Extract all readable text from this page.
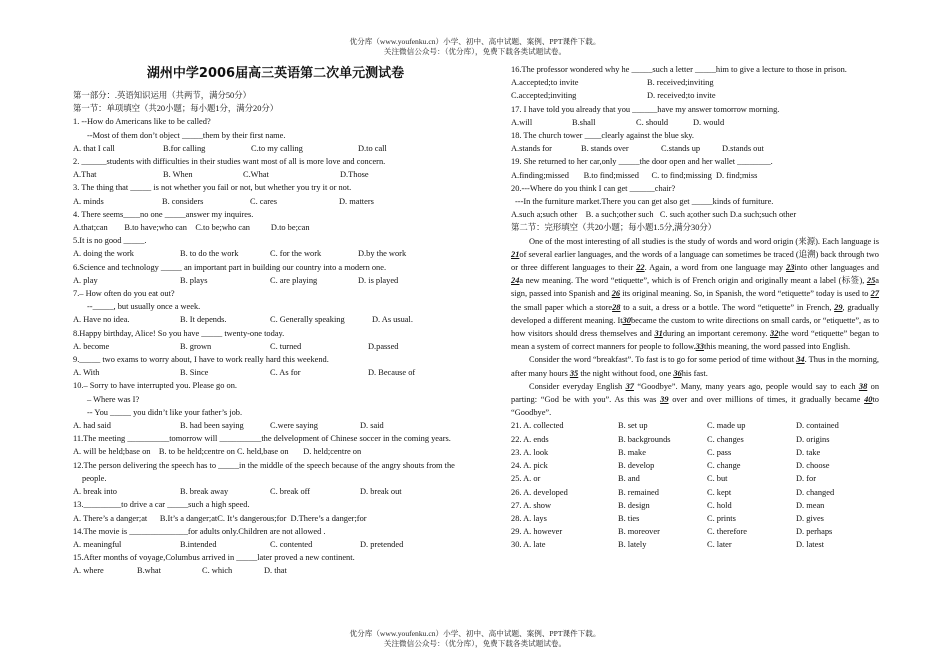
优分库（www.youfenku.cn）小学、初中、高中试题、案例、PPT课件下载。
关注微信公众号：（优分库），免费下载各类试题试卷。
湖州中学2006届高三英语第二次单元测试卷
第一部分：.英语知识运用（共两节，满分50分）
第一节：单项填空（共20小题；每小题1分，满分20分）
1. --How do Americans like to be called?
--Most of them don’t object _____them by their first name.
A. that I call	B.for calling	C.to my calling	D.to call
2. ______students with difficulties in their studies want most of all is more love and concern.
A.That	B. When	C.What	D.Those
3. The thing that _____ is not whether you fail or not, but whether you try it or not.
A. minds	B. considers	C. cares	D. matters
4. There seems____no one _____answer my inquires.
A.that;can        B.to have;who can    C.to be;who can          D.to be;can
5.It is no good _____.
A. doing the work	B. to do the work	C. for the work	D.by the work
6.Science and technology _____ an important part in building our country into a modern one.
A. play	B. plays	C. are playing	D. is played
7.– How often do you eat out?
--_____, but usually once a week.
A. Have no idea.	B. It depends.	C. Generally speaking	D. As usual.
8.Happy birthday, Alice! So you have _____ twenty-one today.
A. become	B. grown	C. turned	D.passed
9._____ two exams to worry about, I have to work really hard this weekend.
A. With	B. Since	C. As for	D. Because of
10.– Sorry to have interrupted you. Please go on.
– Where was I?
-- You _____ you didn’t like your father’s job.
A. had said	B. had been saying	C.were saying	D. said
11.The meeting __________tomorrow will __________the delvelopment of Chinese soccer in the coming years.
A. will be held;base on    B. to be held;centre on C. held,base on       D. held;centre on
12.The person delivering the speech has to _____in the middle of the speech because of the angry shouts from the people.
A. break into	B. break away	C. break off	D. break out
13._________to drive a car _____such a high speed.
A. There’s a danger;at      B.It’s a danger;atC. It’s dangerous;for  D.There’s a danger;for
14.The movie is ______________for adults only.Children are not allowed .
A. meaningful	B.intended	C. contented	D. pretended
15.After months of voyage,Columbus arrived in _____later proved a new continent.
A. where	B.what	C. which	D. that
16.The professor wondered why he _____such a letter _____him to give a lecture to those in prison.
A.accepted;to invite	B. received;inviting
C.accepted;inviting	D. received;to invite
17. I have told you already that you ______have my answer tomorrow morning.
A.will	B.shall	C. should	D. would
18. The church tower ____clearly against the blue sky.
A.stands for	B. stands over	C.stands up	D.stands out
19. She returned to her car,only _____the door open and her wallet ________.
A.finding;missed       B.to find;missed      C. to find;missing  D. find;miss
20.---Where do you think I can get ______chair?
---In the furniture market.There you can get also get _____kinds of furniture.
A.such a;such other    B. a such;other such   C. such a;other such D.a such;such other
第二节：完形填空（共20小题；每小题1.5分,满分30分）
One of the most interesting of all studies is the study of words and word origin (来源). Each language is 21of several earlier languages, and the words of a language can sometimes be traced (追溯) back through two or three different languages to their 22. Again, a word from one language may 23into other languages and 24a new meaning. The word “etiquette”, which is of French origin and originally meant a label (标签), 25a sign, passed into Spanish and 26 its original meaning. So, in Spanish, the word “etiquette” today is used to 27 the small paper which a store28 to a suit, a dress or a bottle. The word “etiquette” in French, 29, gradually developed a different meaning. It30became the custom to write directions on small cards, or “etiquette”, as to how visitors should dress themselves and 31during an important ceremony. 32the word “etiquette” began to mean a system of correct manners for people to follow.33this meaning, the word passed into English.
Consider the word “breakfast”. To fast is to go for some period of time without 34. Thus in the morning, after many hours 35 the night without food, one 36his fast.
Consider everyday English 37 “Goodbye”. Many, many years ago, people would say to each 38 on parting: “God be with you”. As this was 39 over and over millions of times, it gradually became 40to “Goodbye”.
21. A. collected	B. set up	C. made up	D. contained
22. A. ends	B. backgrounds	C. changes	D. origins
23. A. look	B. make	C. pass	D. take
24. A. pick	B. develop	C. change	D. choose
25. A. or	B. and	C. but	D. for
26. A. developed	B. remained	C. kept	D. changed
27. A. show	B. design	C. hold	D. mean
28. A. lays	B. ties	C. prints	D. gives
29. A. however	B. moreover	C. therefore	D. perhaps
30. A. late	B. lately	C. later	D. latest
优分库（www.youfenku.cn）小学、初中、高中试题、案例、PPT课件下载。
关注微信公众号：（优分库），免费下载各类试题试卷。
